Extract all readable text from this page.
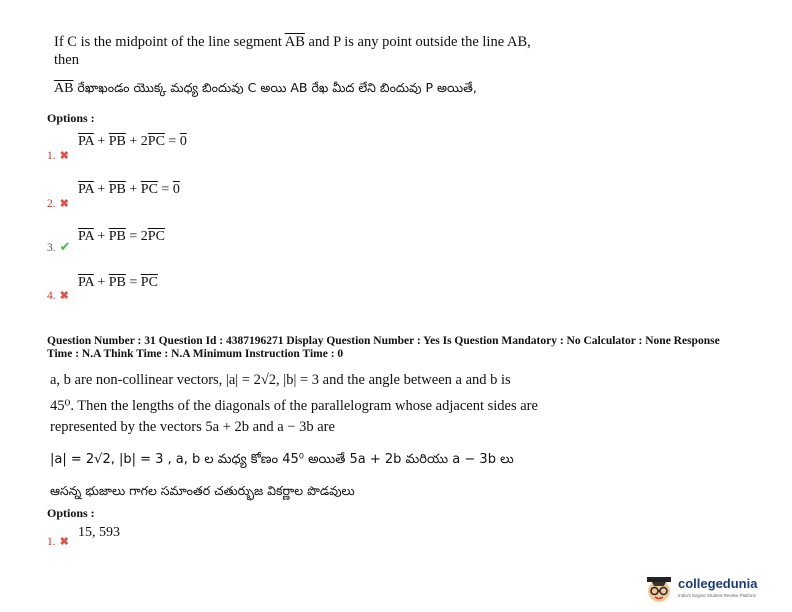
If C is the midpoint of the line segment $\overline{AB}$ and P is any point outside the line AB,
then
$\overline{AB}$ రేఖాఖండం యొక్క మధ్య బిందువు C అయి AB రేఖ మీద లేని బిందువు P అయితే,
Options :
1. ✖
$\overline{PA} + \overline{PB} + 2\overline{PC} = 0$
2. ✖
$\overline{PA} + \overline{PB} + \overline{PC} = 0$
3. ✔
$\overline{PA} + \overline{PB} = 2\overline{PC}$
4. ✖
$\overline{PA} + \overline{PB} = \overline{PC}$
Question Number : 31 Question Id : 4387196271 Display Question Number : Yes Is Question Mandatory : No Calculator : None Response
Time : N.A Think Time : N.A Minimum Instruction Time : 0
a, b are non-collinear vectors, |a| = 2√2, |b| = 3 and the angle between a and b is
45⁰. Then the lengths of the diagonals of the parallelogram whose adjacent sides are
represented by the vectors 5a + 2b and a − 3b are
|a| = 2√2, |b| = 3 , a, b ల మధ్య కోణం 45⁰ అయితే 5a + 2b మరియు a − 3b లు
ఆసన్న భుజాలు గాగల సమాంతర చతుర్భుజ వికర్ణాల పొడవులు
Options :
1. ✖
15, 593
collegedunia
India's largest Student Review Platform
